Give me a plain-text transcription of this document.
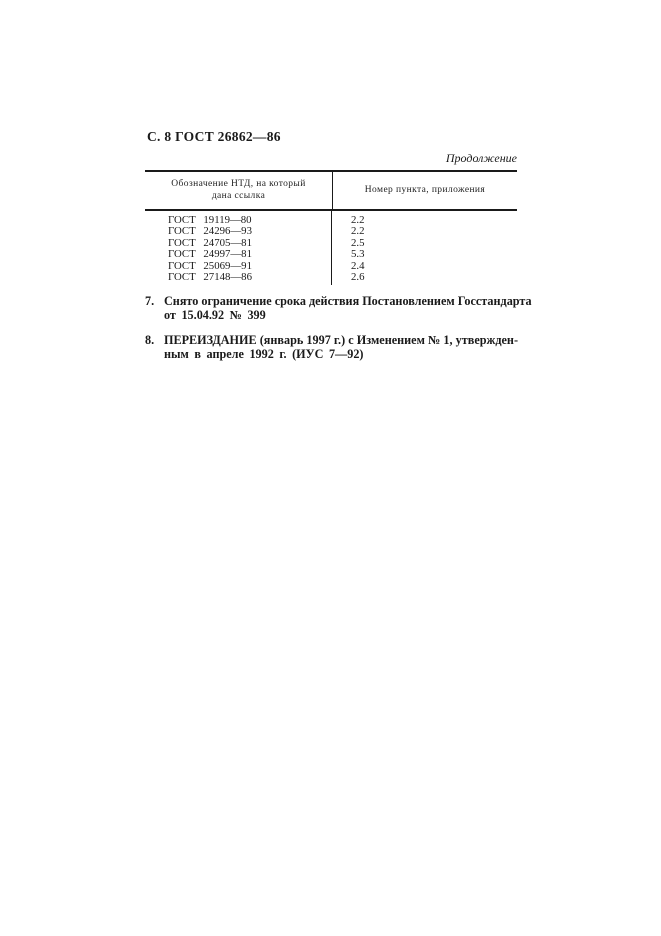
С. 8 ГОСТ 26862—86
Продолжение
Обозначение НТД, на который
дана ссылка
Номер пункта, приложения
ГОСТ 19119—80
ГОСТ 24296—93
ГОСТ 24705—81
ГОСТ 24997—81
ГОСТ 25069—91
ГОСТ 27148—86
2.2
2.2
2.5
5.3
2.4
2.6
7. Снято ограничение срока действия Постановлением Госстандарта
от 15.04.92 № 399
8. ПЕРЕИЗДАНИЕ (январь 1997 г.) с Изменением № 1, утвержден-
ным в апреле 1992 г. (ИУС 7—92)
